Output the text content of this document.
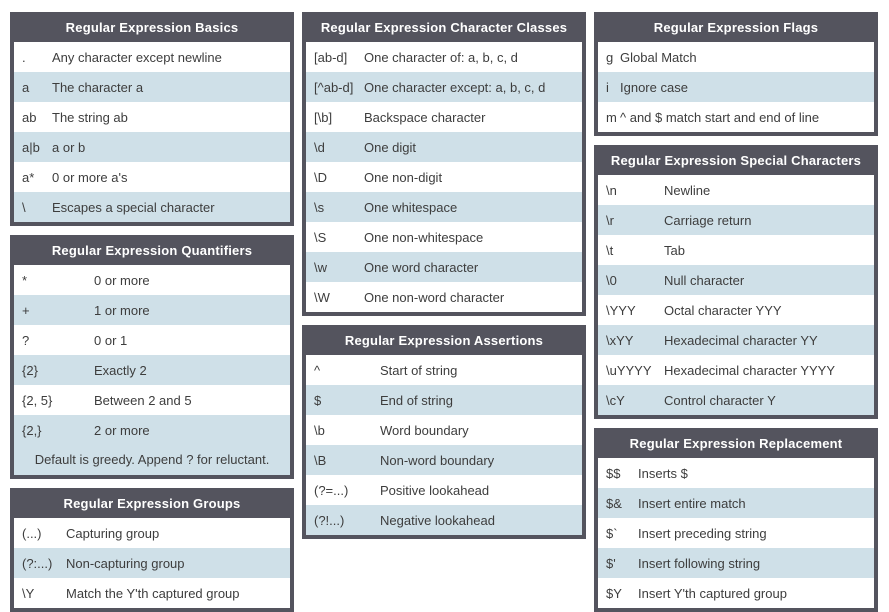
Regular Expression Basics
.	Any character except newline
a	The character a
ab	The string ab
a|b a or b
a*	0 or more a's
\	Escapes a special character
Regular Expression Quantifiers
*	0 or more
+	1 or more
?	0 or 1
{2}	Exactly 2
{2, 5}	Between 2 and 5
{2,}	2 or more
Default is greedy. Append ? for reluctant.
Regular Expression Groups
(...)	Capturing group
(?:...)	Non-capturing group
\Y	Match the Y'th captured group
Regular Expression Character Classes
[ab-d]	One character of: a, b, c, d
[^ab-d] One character except: a, b, c, d
[\b]	Backspace character
\d	One digit
\D	One non-digit
\s	One whitespace
\S	One non-whitespace
\w	One word character
\W	One non-word character
Regular Expression Assertions
^	Start of string
$	End of string
\b	Word boundary
\B	Non-word boundary
(?=...)	Positive lookahead
(?!...)	Negative lookahead
Regular Expression Flags
g Global Match
i Ignore case
m ^ and $ match start and end of line
Regular Expression Special Characters
\n	Newline
\r	Carriage return
\t	Tab
\0	Null character
\YYY	Octal character YYY
\xYY	Hexadecimal character YY
\uYYYY Hexadecimal character YYYY
\cY	Control character Y
Regular Expression Replacement
$$	Inserts $
$&	Insert entire match
$`	Insert preceding string
$'	Insert following string
$Y	Insert Y'th captured group
